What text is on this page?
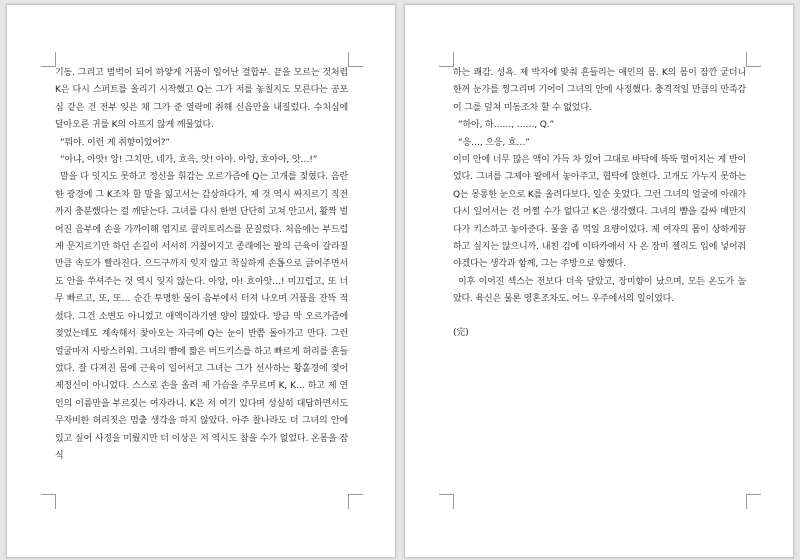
기동. 그리고 범벅이 되어 하얗게 거품이 일어난 결합부. 끝을 모르는 것처럼 K은 다시 스퍼트를 올리기 시작했고 Q는 그가 저를 놓칠지도 모른다는 공포심 같은 건 전부 잊은 채 그가 준 열락에 취해 신음만을 내질렀다. 수치심에 달아오른 귀를 K의 아프지 않게 깨물었다.

“뭐야. 이런 게 취향이었어?”

“아냐, 아앗! 앙! 그치만, 네가, 흐윽, 앗! 아아. 아앙, 흐아아, 앗…!”

말을 다 잇지도 못하고 정신을 휘감는 오르가즘에 Q는 고개를 젖혔다. 음란한 광경에 그 K조차 할 말을 잃고서는 감상하다가, 제 것 역시 싸지르기 직전까지 충분했다는 걸 깨닫는다. 그녀를 다시 한번 단단히 고쳐 안고서, 활짝 벌어진 음부에 손을 가까이해 엄지로 클리토리스를 문질렀다. 처음에는 부드럽게 문지르기만 하던 손길이 서서히 거칠어지고 종래에는 팔의 근육이 갈라질 만큼 속도가 빨라진다. 으드구까지 잊지 않고 착실하게 손톱으로 긁어주면서도 안을 쑤셔주는 것 역시 잊지 않는다. 아앙, 아! 흐아앗…! 미끄럽고, 또 너무 빠르고, 또, 또… 순간 투명한 물이 음부에서 터져 나오며 거품을 잔뜩 적셨다. 그건 소변도 아니었고 애액이라기엔 양이 많았다. 방금 막 오르가즘에 젖었는데도 계속해서 찾아오는 자극에 Q는 눈이 반쯤 돌아가고 만다. 그런 얼굴마저 사랑스러워. 그녀의 뺨에 짧은 버드키스를 하고 빠르게 허리를 흔들었다. 잘 다져진 몸에 근육이 일어서고 그녀는 그가 선사하는 황홀경에 젖어 제정신이 아니었다. 스스로 손을 올려 제 가슴을 주무르며 K, K… 하고 제 연인의 이름만을 부르짖는 여자라니. K은 저 여기 있다며 성실히 대답하면서도 무자비한 허리짓은 멈출 생각을 하지 않았다. 아주 찰나라도 더 그녀의 안에 있고 싶어 사정을 미뤘지만 더 이상은 저 역시도 참을 수가 없었다. 온몸을 잠식

하는 쾌감. 성욕. 제 박자에 맞춰 흔들리는 애인의 몸. K의 몸이 잠깐 굳더니 한꺼 눈가를 찡그리며 기어이 그녀의 안에 사정했다. 충격적일 만큼의 만족감이 그를 덮쳐 미동조차 할 수 없었다.

“하아, 하……, ……, Q.”

“응…, 으응, 흐…”

이미 안에 너무 많은 액이 가득 차 있어 그대로 바닥에 뚝뚝 떨어지는 게 반이었다. 그녀를 그제야 팔에서 놓아주고, 협탁에 앉힌다. 고개도 가누지 못하는 Q는 몽롱한 눈으로 K를 올려다보다, 일순 웃었다. 그런 그녀의 얼굴에 아래가 다시 일어서는 건 어쩔 수가 없다고 K은 생각했다. 그녀의 뺨을 감싸 매만지다가 키스하고 놓아준다. 물을 좀 먹일 요량이었다. 제 여자의 몸이 상하게끔 하고 싶지는 않으니까. 내친 김에 이타카에서 사 온 장미 젤리도 입에 넣어줘야겠다는 생각과 함께, 그는 주방으로 향했다.

이후 이어진 섹스는 전보다 더욱 달았고, 장미향이 났으며, 모든 온도가 높았다. 육신은 물론 영혼조차도. 어느 우주에서의 일이었다.

(完)
